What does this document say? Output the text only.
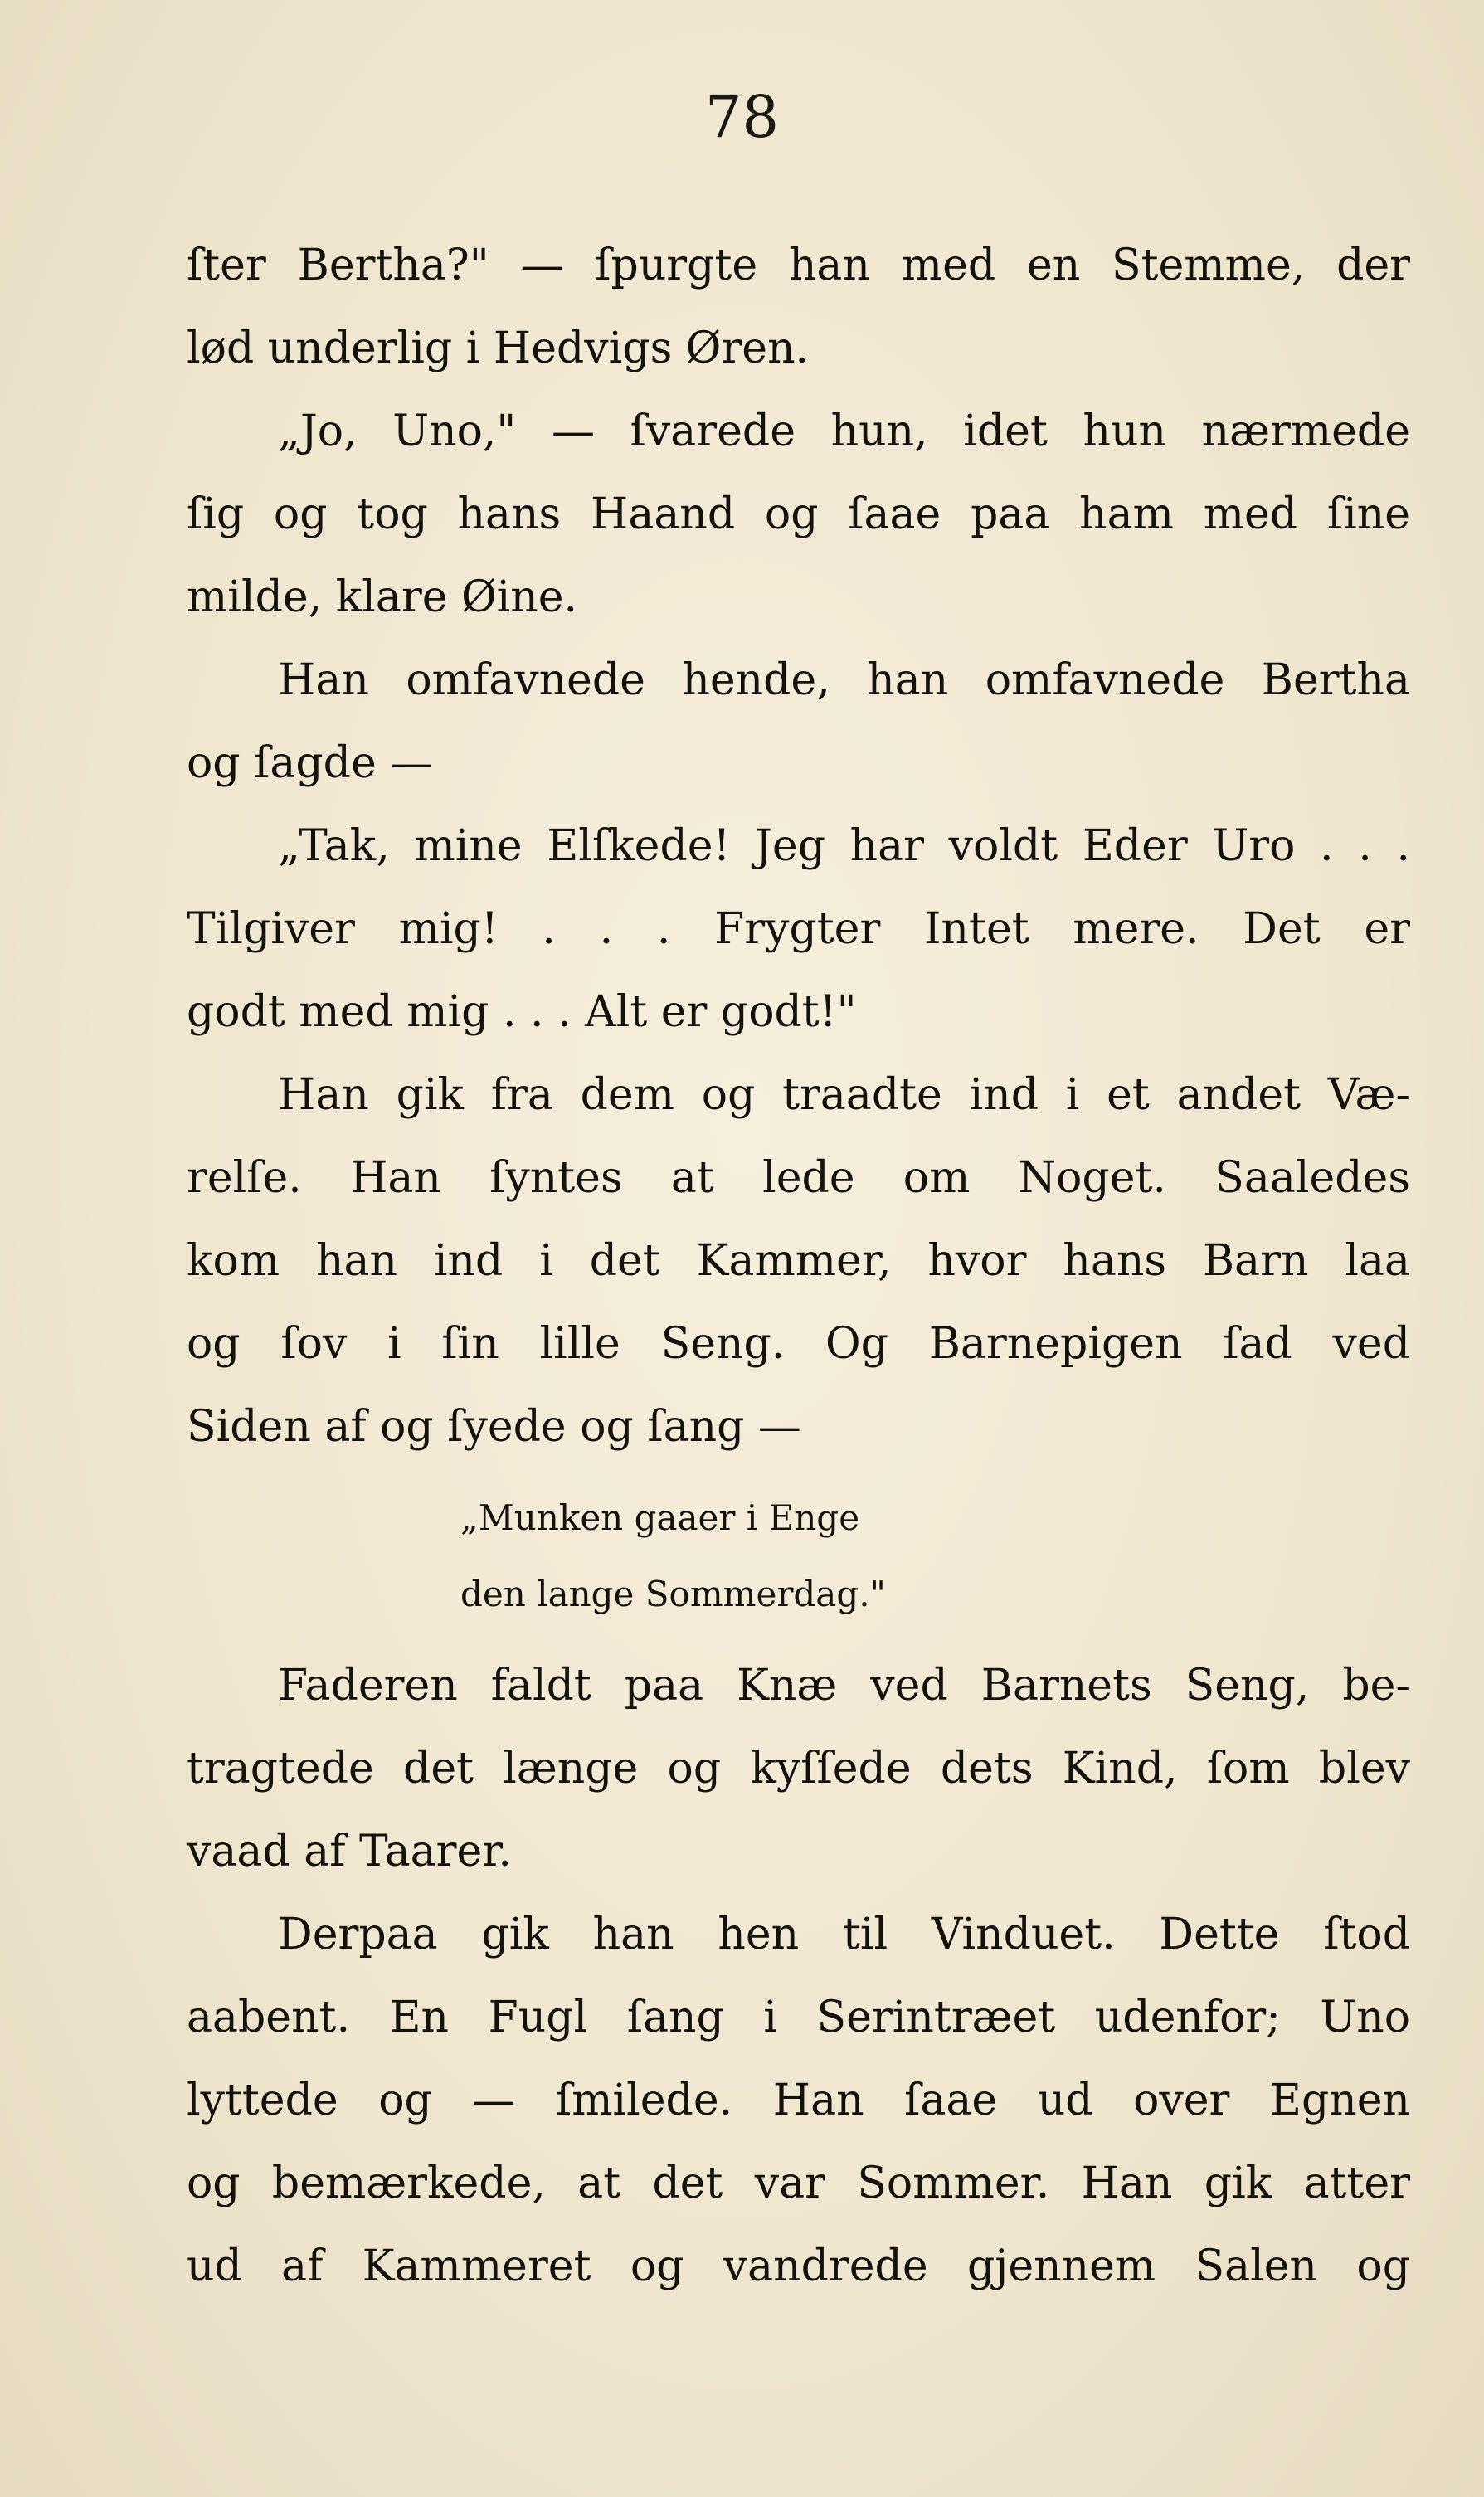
78
ſter Bertha?" — ſpurgte han med en Stemme, der
lød underlig i Hedvigs Øren.
„Jo, Uno," — ſvarede hun, idet hun nærmede
ſig og tog hans Haand og ſaae paa ham med ſine
milde, klare Øine.
Han omfavnede hende, han omfavnede Bertha
og ſagde —
„Tak, mine Elſkede! Jeg har voldt Eder Uro . . .
Tilgiver mig! . . . Frygter Intet mere. Det er
godt med mig . . . Alt er godt!"
Han gik fra dem og traadte ind i et andet Væ-
relſe. Han ſyntes at lede om Noget. Saaledes
kom han ind i det Kammer, hvor hans Barn laa
og ſov i ſin lille Seng. Og Barnepigen ſad ved
Siden af og ſyede og ſang —
„Munken gaaer i Enge
den lange Sommerdag."
Faderen faldt paa Knæ ved Barnets Seng, be-
tragtede det længe og kyſſede dets Kind, ſom blev
vaad af Taarer.
Derpaa gik han hen til Vinduet. Dette ſtod
aabent. En Fugl ſang i Serintræet udenfor; Uno
lyttede og — ſmilede. Han ſaae ud over Egnen
og bemærkede, at det var Sommer. Han gik atter
ud af Kammeret og vandrede gjennem Salen og
